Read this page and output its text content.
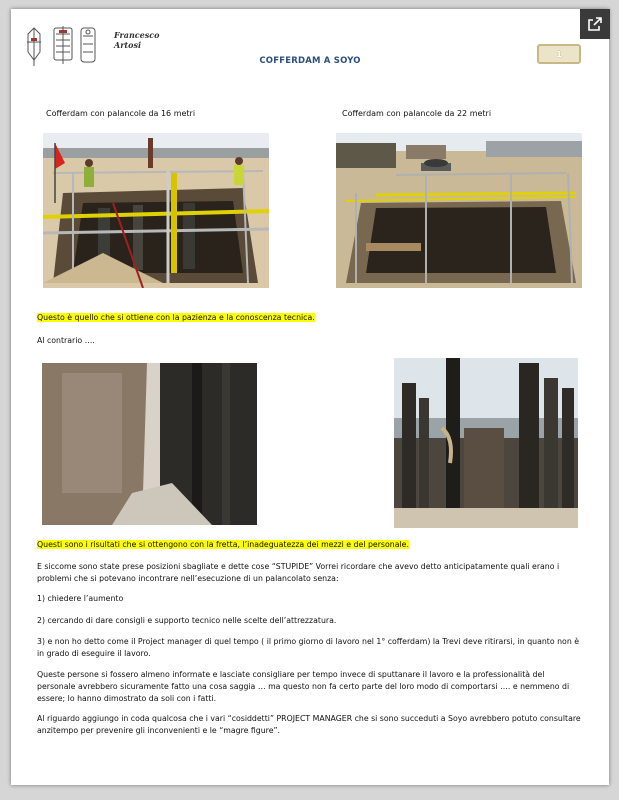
Francesco
Artosi
COFFERDAM A SOYO
1
Cofferdam con palancole da 16 metri	Cofferdam con palancole da 22 metri

Questo è quello che si ottiene con la pazienza e la conoscenza tecnica.

Al contrario ….

Questi sono i risultati che si ottengono con la fretta, l’inadeguatezza dei mezzi e del personale.

E siccome sono state prese posizioni sbagliate e dette cose “STUPIDE” Vorrei ricordare che avevo detto anticipatamente quali erano i problemi che si potevano incontrare nell’esecuzione di un palancolato senza:

1) chiedere l’aumento

2) cercando di dare consigli e supporto tecnico nelle scelte dell’attrezzatura.

3) e non ho detto come il Project manager di quel tempo ( il primo giorno di lavoro nel 1° cofferdam) la Trevi deve ritirarsi, in quanto non è in grado di eseguire il lavoro.

Queste persone si fossero almeno informate e lasciate consigliare per tempo invece di sputtanare il lavoro e la professionalità del personale avrebbero sicuramente fatto una cosa saggia … ma questo non fa certo parte del loro modo di comportarsi …. e nemmeno di essere; lo hanno dimostrato da soli con i fatti.

Al riguardo aggiungo in coda qualcosa che i vari “cosiddetti” PROJECT MANAGER che si sono succeduti a Soyo avrebbero potuto consultare anzitempo per prevenire gli inconvenienti e le “magre figure”.
